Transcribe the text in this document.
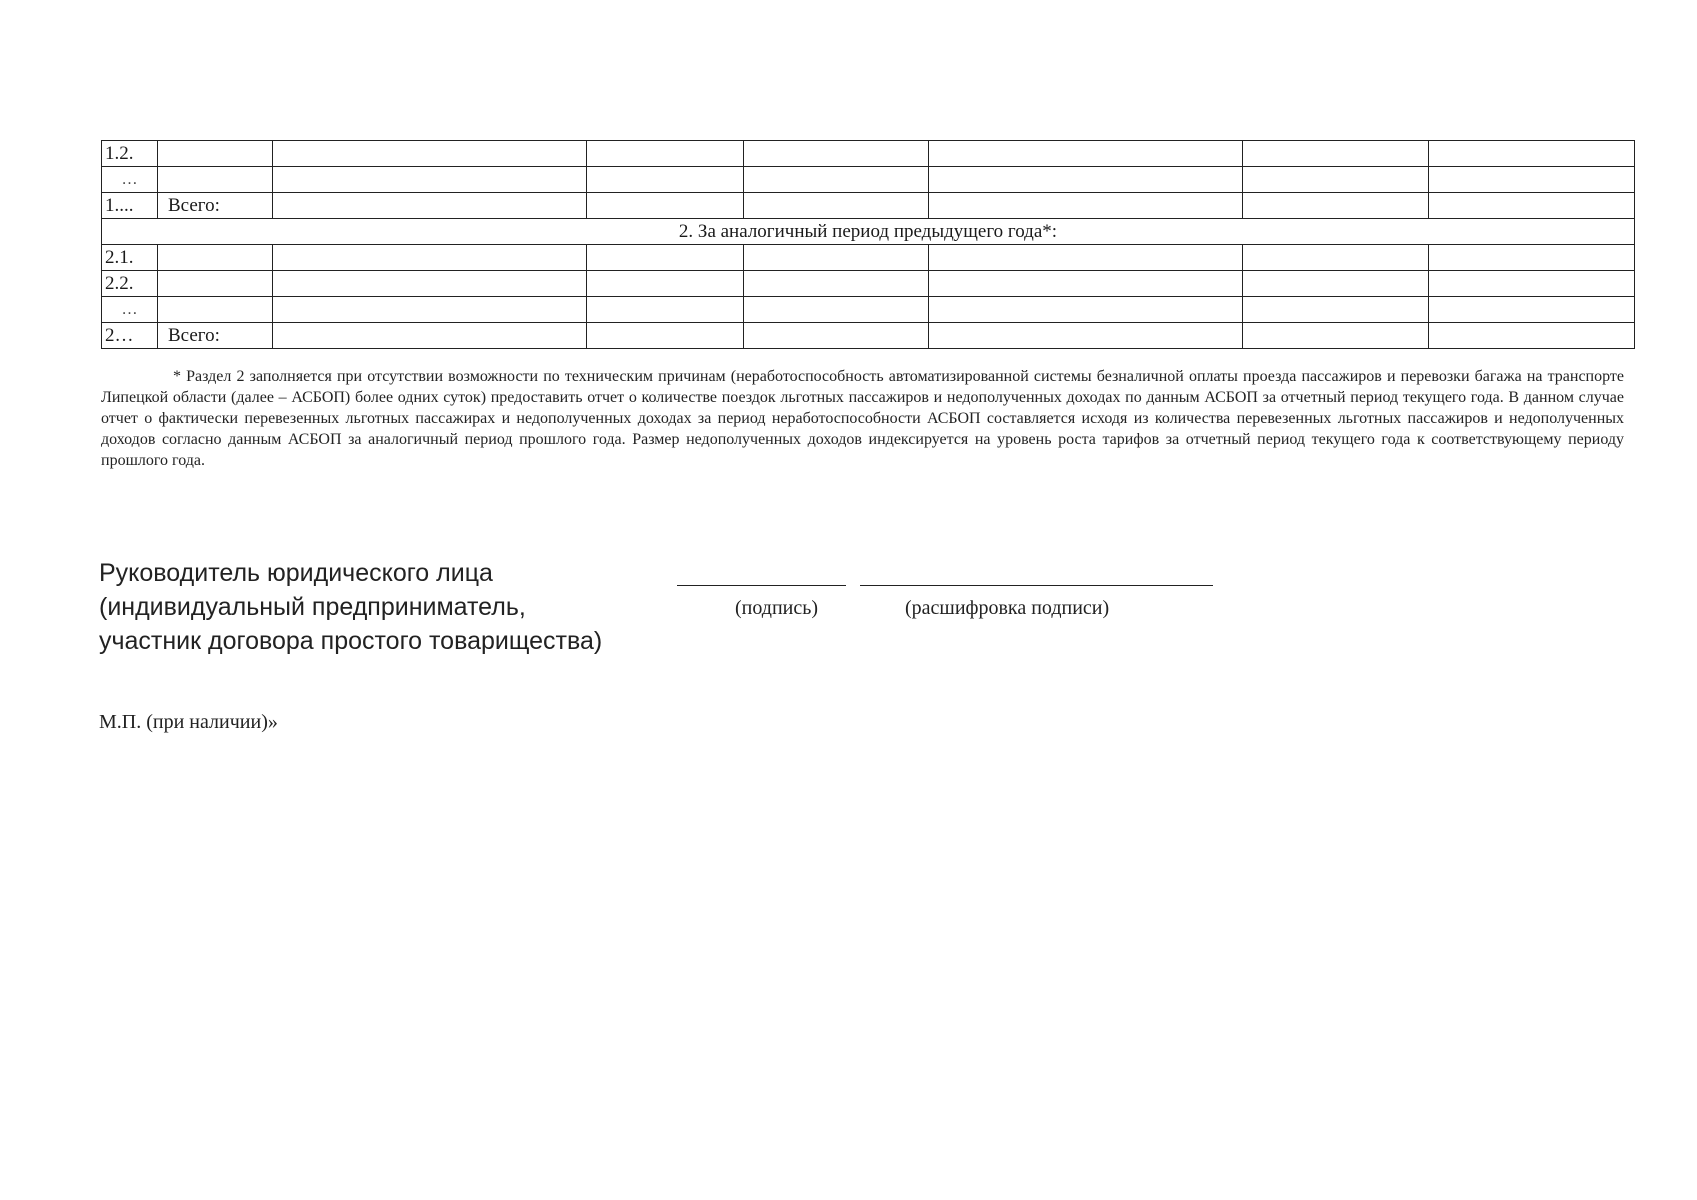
1.2.							
…							
1....	Всего:						
2. За аналогичный период предыдущего года*:							
2.1.							
2.2.							
…							
2…	Всего:						

* Раздел 2 заполняется при отсутствии возможности по техническим причинам (неработоспособность автоматизированной системы безналичной оплаты проезда пассажиров и перевозки багажа на транспорте Липецкой области (далее – АСБОП) более одних суток) предоставить отчет о количестве поездок льготных пассажиров и недополученных доходах по данным АСБОП за отчетный период текущего года. В данном случае отчет о фактически перевезенных льготных пассажирах и недополученных доходах за период неработоспособности АСБОП составляется исходя из количества перевезенных льготных пассажиров и недополученных доходов согласно данным АСБОП за аналогичный период прошлого года. Размер недополученных доходов индексируется на уровень роста тарифов за отчетный период текущего года к соответствующему периоду прошлого года.

Руководитель юридического лица
(индивидуальный предприниматель,
участник договора простого товарищества)
(подпись)	(расшифровка подписи)
М.П. (при наличии)»
